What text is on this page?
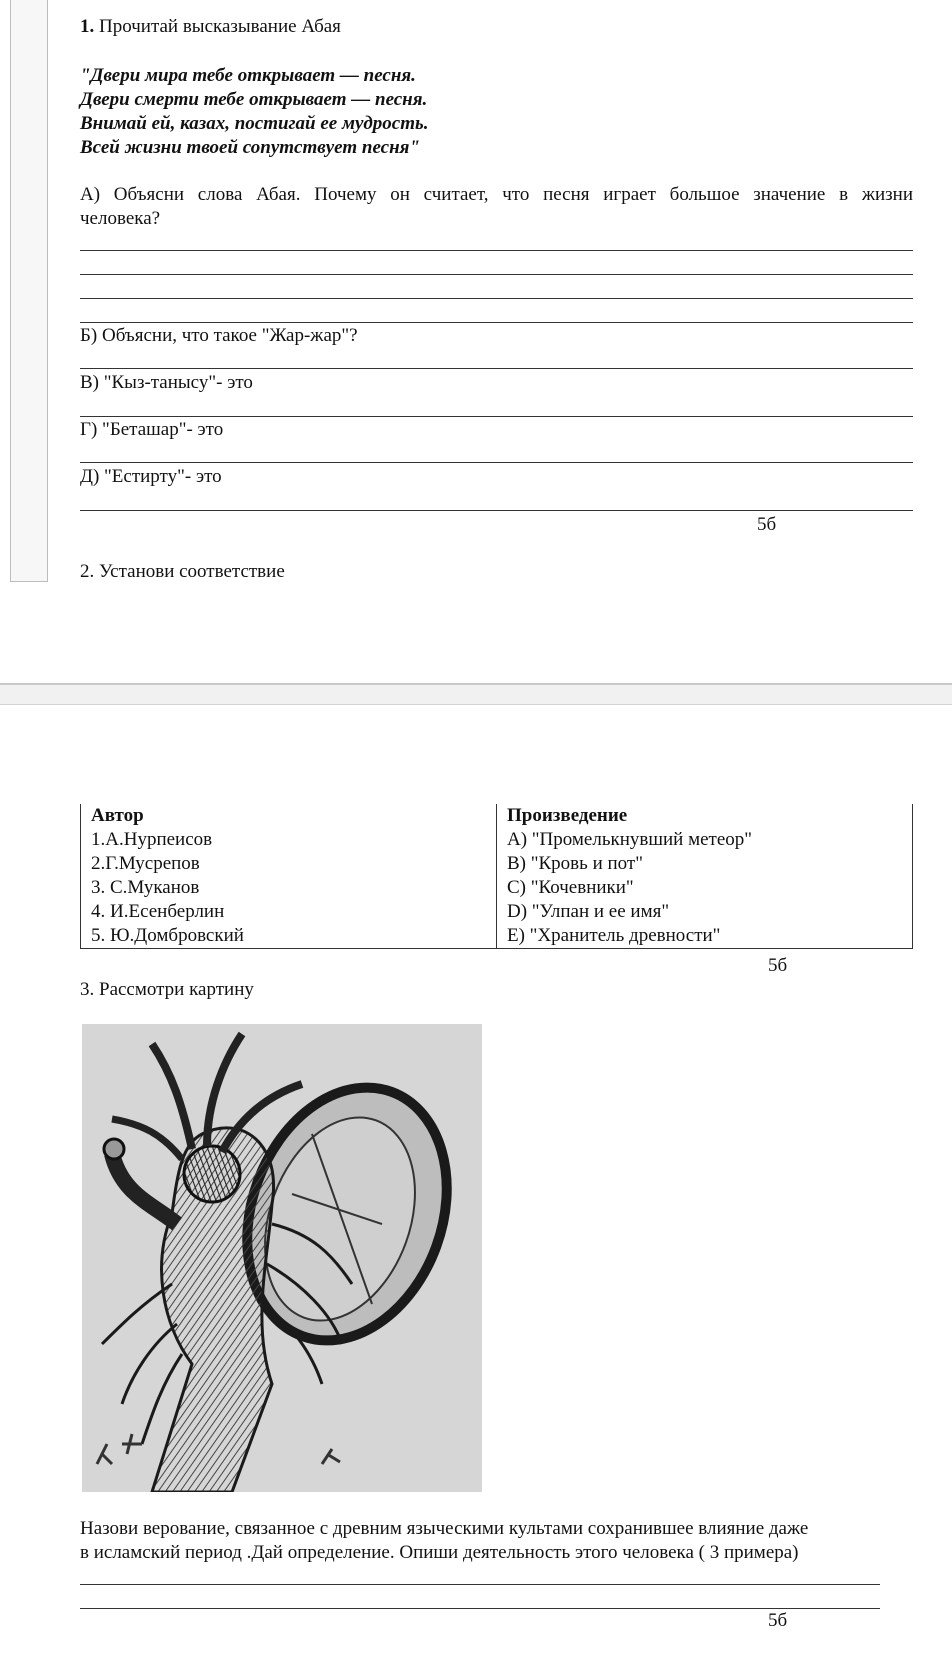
1. Прочитай высказывание Абая
"Двери мира тебе открывает — песня.
Двери смерти тебе открывает — песня.
Внимай ей, казах, постигай ее мудрость.
Всей жизни твоей сопутствует песня"
А) Объясни слова Абая. Почему он считает, что песня играет большое значение в жизни
человека?
Б) Объясни, что такое "Жар-жар"?
В) "Кыз-танысу"- это
Г) "Беташар"- это
Д) "Естирту"- это
5б
2. Установи соответствие
Автор	Произведение
1.А.Нурпеисов	A) "Промелькнувший метеор"
2.Г.Мусрепов	B) "Кровь и пот"
3. С.Муканов	C) "Кочевники"
4. И.Есенберлин	D) "Улпан и ее имя"
5. Ю.Домбровский	E) "Хранитель древности"
5б
3. Рассмотри картину
Назови верование, связанное с древним языческими культами сохранившее влияние даже
в исламский период .Дай определение. Опиши деятельность этого человека ( 3 примера)
5б
